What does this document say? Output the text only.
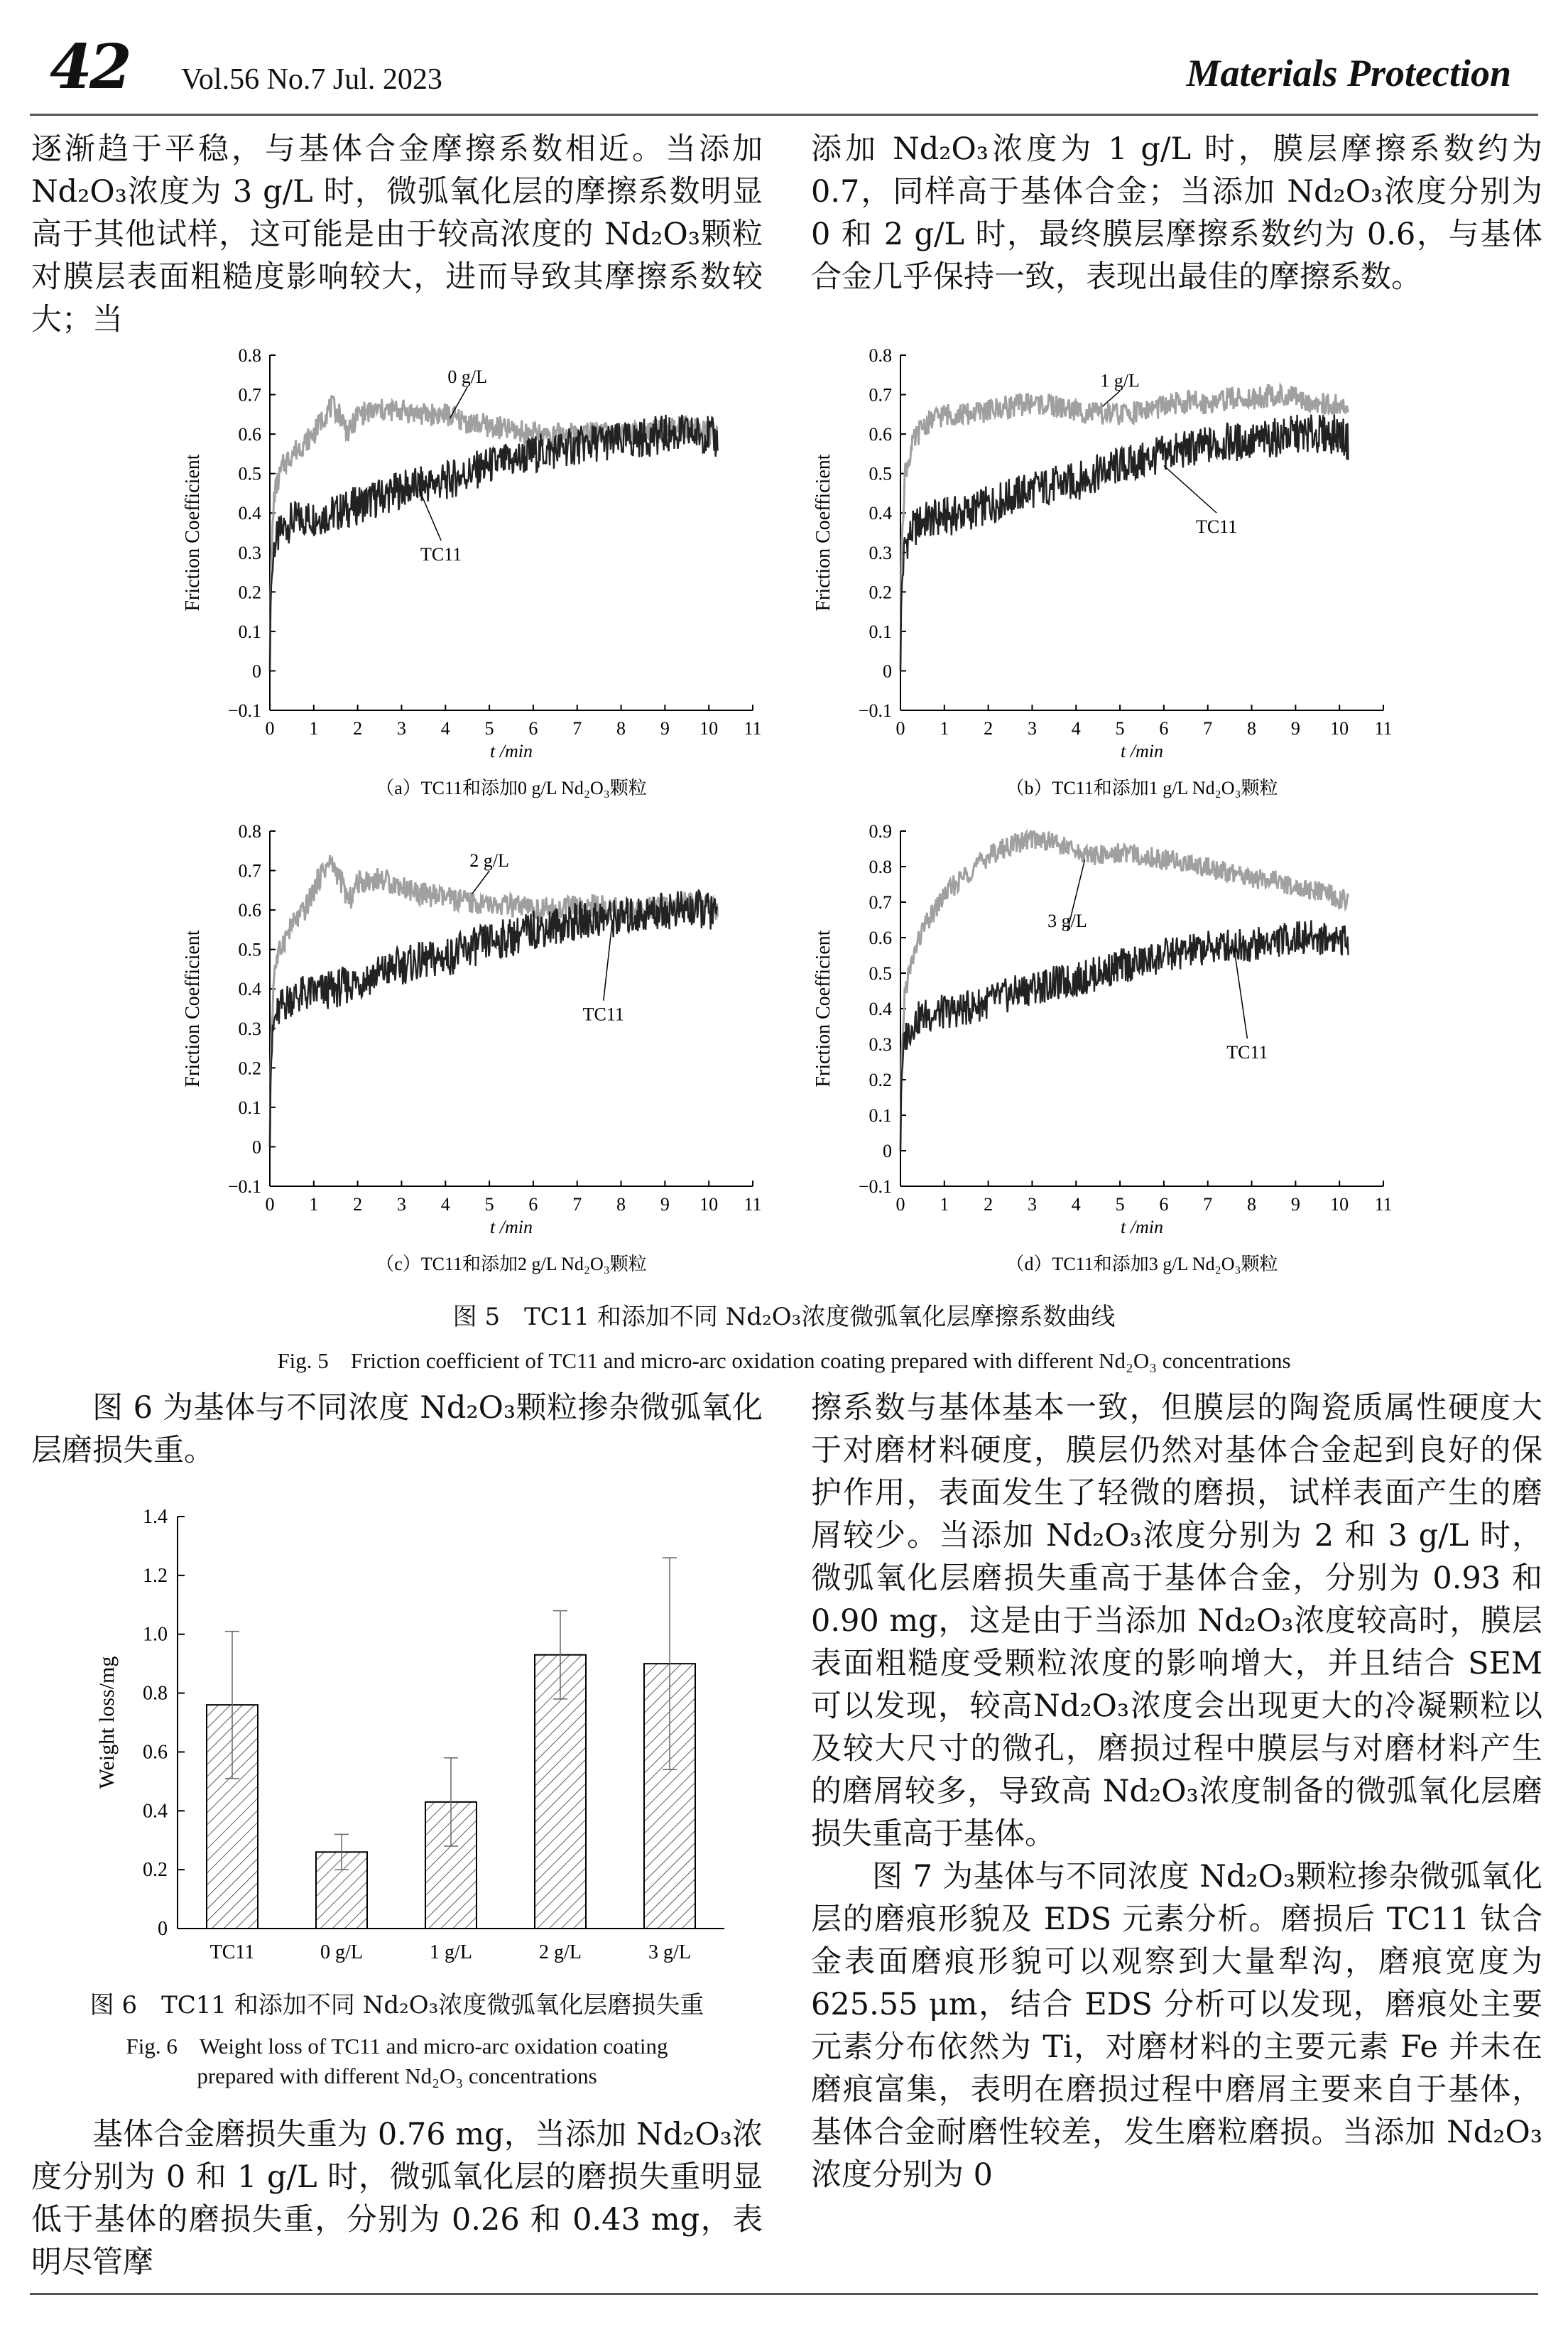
42 Vol.56 No.7 Jul. 2023	Materials Protection

逐渐趋于平稳，与基体合金摩擦系数相近。当添加Nd₂O₃浓度为 3 g/L 时，微弧氧化层的摩擦系数明显高于其他试样，这可能是由于较高浓度的 Nd₂O₃颗粒对膜层表面粗糙度影响较大，进而导致其摩擦系数较大；当

添加 Nd₂O₃浓度为 1 g/L 时，膜层摩擦系数约为 0.7，同样高于基体合金；当添加 Nd₂O₃浓度分别为 0 和 2 g/L 时，最终膜层摩擦系数约为 0.6，与基体合金几乎保持一致，表现出最佳的摩擦系数。

−0.1
0
0.1
0.2
0.3
0.4
0.5
0.6
0.7
0.8
0 1 2 3 4 5 6 7 8 9 10 11
t /min
Friction Coefficient
（a）TC11和添加0 g/L Nd₂O₃颗粒
0 g/L
TC11
−0.1
0
0.1
0.2
0.3
0.4
0.5
0.6
0.7
0.8
0 1 2 3 4 5 6 7 8 9 10 11
t /min
Friction Coefficient
（b）TC11和添加1 g/L Nd₂O₃颗粒
1 g/L
TC11
−0.1
0
0.1
0.2
0.3
0.4
0.5
0.6
0.7
0.8
0 1 2 3 4 5 6 7 8 9 10 11
t /min
Friction Coefficient
（c）TC11和添加2 g/L Nd₂O₃颗粒
2 g/L
TC11
−0.1
0
0.1
0.2
0.3
0.4
0.5
0.6
0.7
0.8
0.9
0 1 2 3 4 5 6 7 8 9 10 11
t /min
Friction Coefficient
（d）TC11和添加3 g/L Nd₂O₃颗粒
3 g/L
TC11
图 5　TC11 和添加不同 Nd₂O₃浓度微弧氧化层摩擦系数曲线
Fig. 5　Friction coefficient of TC11 and micro-arc oxidation coating prepared with different Nd₂O₃ concentrations

图 6 为基体与不同浓度 Nd₂O₃颗粒掺杂微弧氧化层磨损失重。

0
0.2
0.4
0.6
0.8
1.0
1.2
1.4
Weight loss/mg
TC11	0 g/L	1 g/L	2 g/L	3 g/L
图 6　TC11 和添加不同 Nd₂O₃浓度微弧氧化层磨损失重
Fig. 6　Weight loss of TC11 and micro-arc oxidation coating
prepared with different Nd₂O₃ concentrations

基体合金磨损失重为 0.76 mg，当添加 Nd₂O₃浓度分别为 0 和 1 g/L 时，微弧氧化层的磨损失重明显低于基体的磨损失重，分别为 0.26 和 0.43 mg，表明尽管摩

擦系数与基体基本一致，但膜层的陶瓷质属性硬度大于对磨材料硬度，膜层仍然对基体合金起到良好的保护作用，表面发生了轻微的磨损，试样表面产生的磨屑较少。当添加 Nd₂O₃浓度分别为 2 和 3 g/L 时，微弧氧化层磨损失重高于基体合金，分别为 0.93 和 0.90 mg，这是由于当添加 Nd₂O₃浓度较高时，膜层表面粗糙度受颗粒浓度的影响增大，并且结合 SEM 可以发现，较高Nd₂O₃浓度会出现更大的冷凝颗粒以及较大尺寸的微孔，磨损过程中膜层与对磨材料产生的磨屑较多，导致高 Nd₂O₃浓度制备的微弧氧化层磨损失重高于基体。

图 7 为基体与不同浓度 Nd₂O₃颗粒掺杂微弧氧化层的磨痕形貌及 EDS 元素分析。磨损后 TC11 钛合金表面磨痕形貌可以观察到大量犁沟，磨痕宽度为625.55 μm，结合 EDS 分析可以发现，磨痕处主要元素分布依然为 Ti，对磨材料的主要元素 Fe 并未在磨痕富集，表明在磨损过程中磨屑主要来自于基体，基体合金耐磨性较差，发生磨粒磨损。当添加 Nd₂O₃浓度分别为 0
